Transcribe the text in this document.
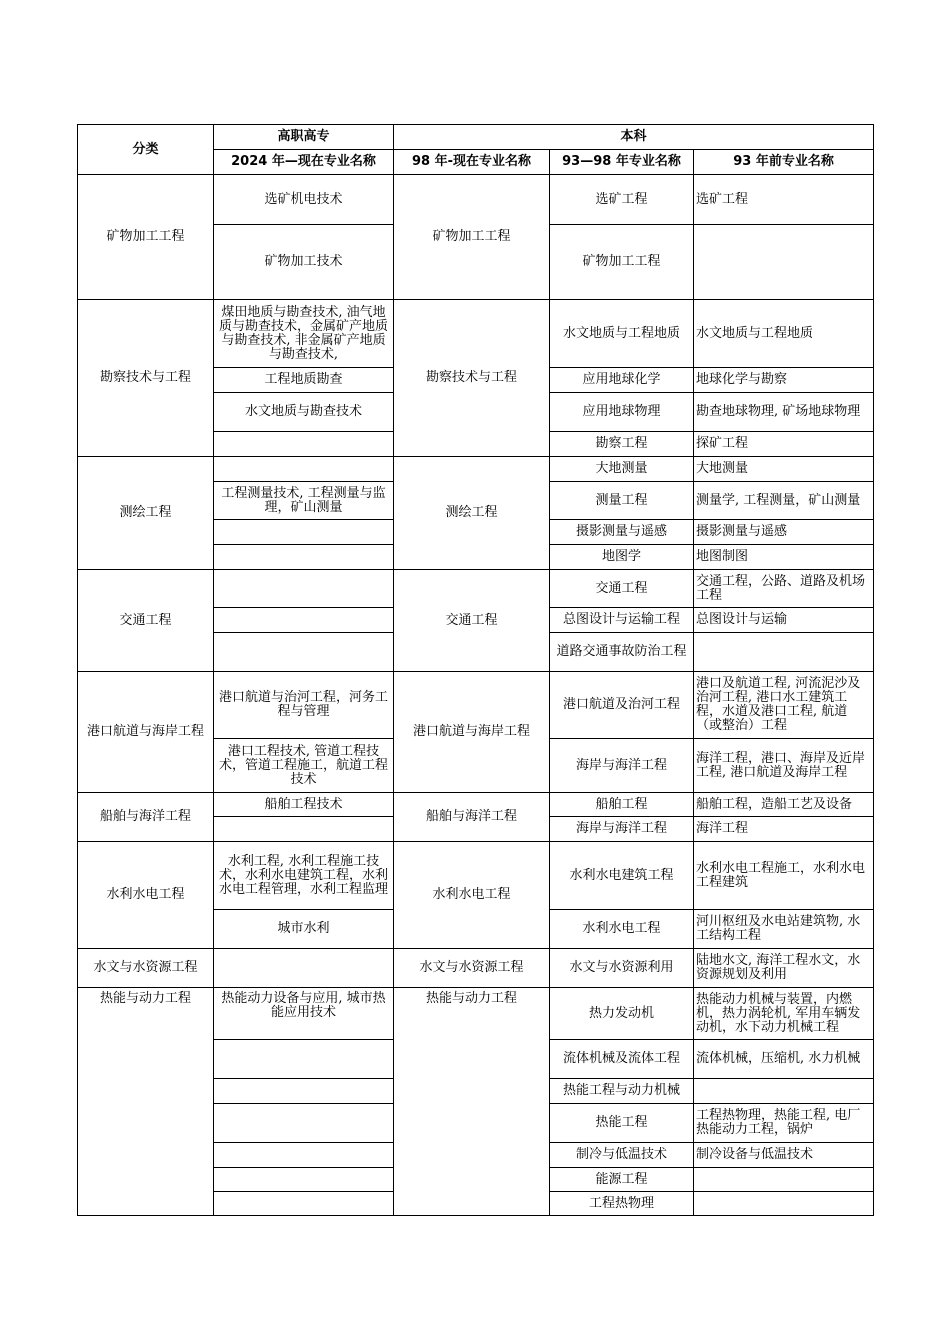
分类	高职高专	本科		
	2024 年—现在专业名称	98 年-现在专业名称	93—98 年专业名称	93 年前专业名称
矿物加工工程	选矿机电技术	矿物加工工程	选矿工程	选矿工程
	矿物加工技术		矿物加工工程	
勘察技术与工程	煤田地质与勘查技术, 油气地质与勘查技术，金属矿产地质与勘查技术, 非金属矿产地质与勘查技术,	勘察技术与工程	水文地质与工程地质	水文地质与工程地质
	工程地质勘查		应用地球化学	地球化学与勘察
	水文地质与勘查技术		应用地球物理	勘查地球物理, 矿场地球物理
			勘察工程	探矿工程
测绘工程		测绘工程	大地测量	大地测量
	工程测量技术, 工程测量与监理，矿山测量		测量工程	测量学, 工程测量，矿山测量
			摄影测量与遥感	摄影测量与遥感
			地图学	地图制图
交通工程		交通工程	交通工程	交通工程，公路、道路及机场工程
			总图设计与运输工程	总图设计与运输
			道路交通事故防治工程	
港口航道与海岸工程	港口航道与治河工程，河务工程与管理	港口航道与海岸工程	港口航道及治河工程	港口及航道工程, 河流泥沙及治河工程, 港口水工建筑工程，水道及港口工程, 航道（或整治）工程
	港口工程技术, 管道工程技术，管道工程施工，航道工程技术		海岸与海洋工程	海洋工程，港口、海岸及近岸工程, 港口航道及海岸工程
船舶与海洋工程	船舶工程技术	船舶与海洋工程	船舶工程	船舶工程，造船工艺及设备
			海岸与海洋工程	海洋工程
水利水电工程	水利工程, 水利工程施工技术，水利水电建筑工程，水利水电工程管理，水利工程监理	水利水电工程	水利水电建筑工程	水利水电工程施工，水利水电工程建筑
	城市水利		水利水电工程	河川枢纽及水电站建筑物, 水工结构工程
水文与水资源工程		水文与水资源工程	水文与水资源利用	陆地水文, 海洋工程水文，水资源规划及利用
热能与动力工程	热能动力设备与应用, 城市热能应用技术	热能与动力工程	热力发动机	热能动力机械与装置，内燃机，热力涡轮机, 军用车辆发动机，水下动力机械工程
			流体机械及流体工程	流体机械，压缩机, 水力机械
			热能工程与动力机械	
			热能工程	工程热物理，热能工程, 电厂热能动力工程，锅炉
			制冷与低温技术	制冷设备与低温技术
			能源工程	
			工程热物理	
